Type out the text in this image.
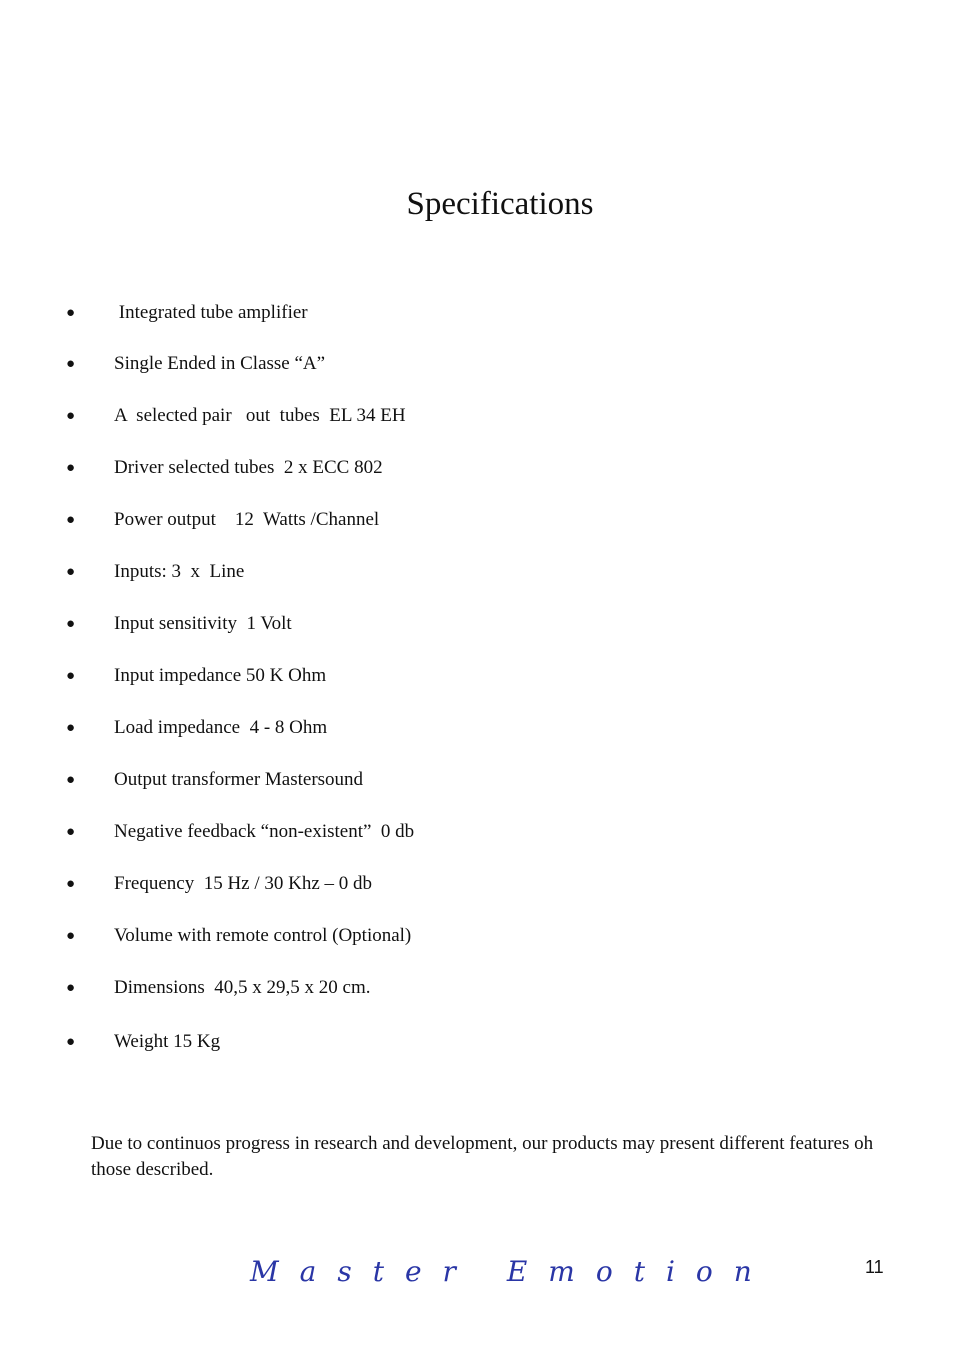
Specifications
● Integrated tube amplifier
● Single Ended in Classe “A”
● A  selected pair   out  tubes  EL 34 EH
● Driver selected tubes  2 x ECC 802
● Power output    12  Watts /Channel
● Inputs: 3  x  Line
● Input sensitivity  1 Volt
● Input impedance 50 K Ohm
● Load impedance  4 - 8 Ohm
● Output transformer Mastersound
● Negative feedback “non-existent”  0 db
● Frequency  15 Hz / 30 Khz – 0 db
● Volume with remote control (Optional)
● Dimensions  40,5 x 29,5 x 20 cm.
● Weight 15 Kg

Due to continuos progress in research and development, our products may present different features oh those described.

Master Emotion	11
